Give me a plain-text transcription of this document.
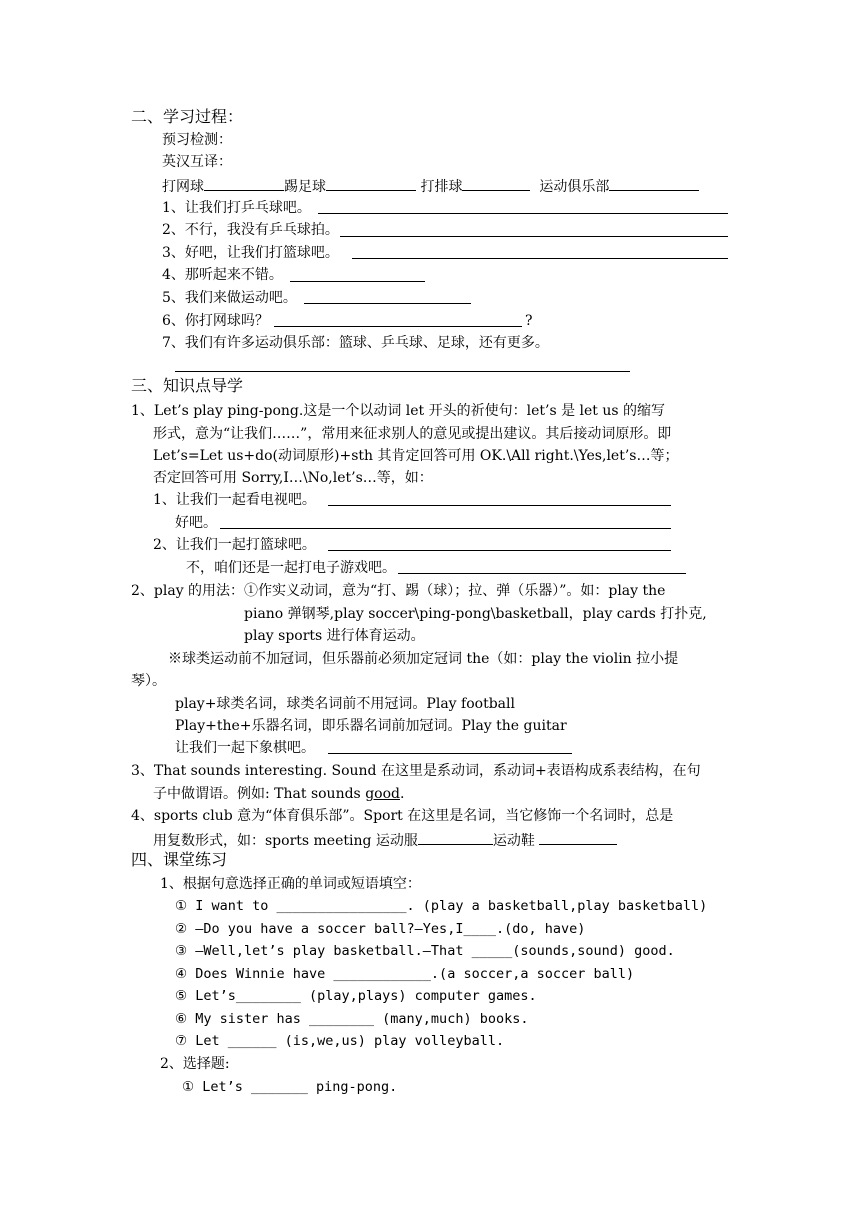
二、学习过程：
预习检测：
英汉互译：
打网球	踢足球	打排球	运动俱乐部
1、让我们打乒乓球吧。
2、不行，我没有乒乓球拍。
3、好吧，让我们打篮球吧。
4、那听起来不错。
5、我们来做运动吧。
6、你打网球吗？	?
7、我们有许多运动俱乐部：篮球、乒乓球、足球，还有更多。
三、知识点导学
1、Let’s play ping-pong.这是一个以动词 let 开头的祈使句：let’s 是 let us 的缩写
形式，意为“让我们……”，常用来征求别人的意见或提出建议。其后接动词原形。即
Let’s=Let us+do(动词原形)+sth 其肯定回答可用 OK.\All right.\Yes,let’s…等；
否定回答可用 Sorry,I…\No,let’s…等，如：
1、让我们一起看电视吧。
好吧。
2、让我们一起打篮球吧。
不，咱们还是一起打电子游戏吧。
2、play 的用法：①作实义动词，意为“打、踢（球）；拉、弹（乐器）”。如：play the
piano 弹钢琴,play soccer\ping-pong\basketball，play cards 打扑克,
play sports 进行体育运动。
※球类运动前不加冠词，但乐器前必须加定冠词 the（如：play the violin 拉小提
琴）。
play+球类名词，球类名词前不用冠词。Play football
Play+the+乐器名词，即乐器名词前加冠词。Play the guitar
让我们一起下象棋吧。
3、That sounds interesting. Sound 在这里是系动词，系动词+表语构成系表结构，在句
子中做谓语。例如: That sounds good.
4、sports club 意为“体育俱乐部”。Sport 在这里是名词，当它修饰一个名词时，总是
用复数形式，如：sports meeting 运动服	运动鞋
四、课堂练习
1、根据句意选择正确的单词或短语填空：
① I want to ________________. (play a basketball,play basketball)
② —Do you have a soccer ball?—Yes,I____.(do, have)
③ —Well,let’s play basketball.—That _____(sounds,sound) good.
④ Does Winnie have ____________.(a soccer,a soccer ball)
⑤ Let’s________ (play,plays) computer games.
⑥ My sister has ________ (many,much) books.
⑦ Let ______ (is,we,us) play volleyball.
2、选择题:
① Let’s _______ ping-pong.
